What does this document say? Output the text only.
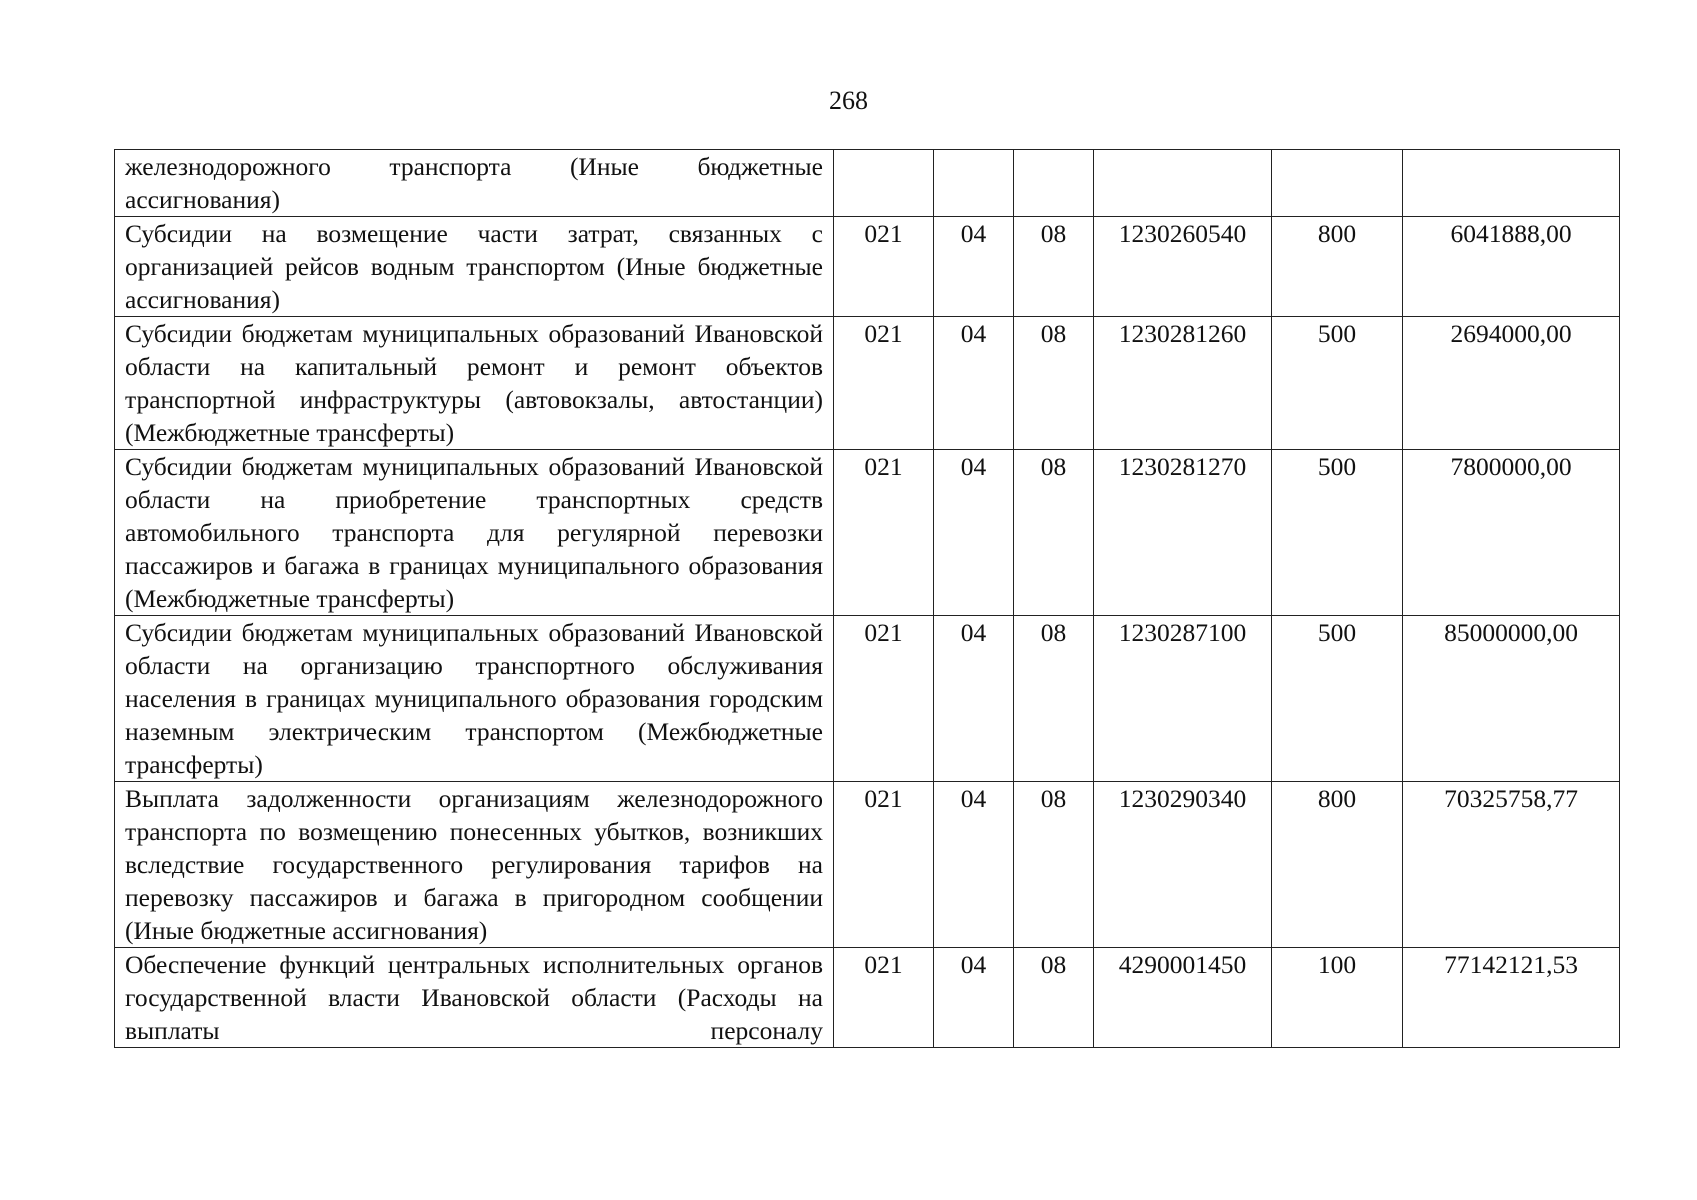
268
железнодорожного транспорта (Иные бюджетные ассигнования)						
Субсидии на возмещение части затрат, связанных с организацией рейсов водным транспортом (Иные бюджетные ассигнования)	021	04	08	1230260540	800	6041888,00
Субсидии бюджетам муниципальных образований Ивановской области на капитальный ремонт и ремонт объектов транспортной инфраструктуры (автовокзалы, автостанции) (Межбюджетные трансферты)	021	04	08	1230281260	500	2694000,00
Субсидии бюджетам муниципальных образований Ивановской области на приобретение транспортных средств автомобильного транспорта для регулярной перевозки пассажиров и багажа в границах муниципального образования (Межбюджетные трансферты)	021	04	08	1230281270	500	7800000,00
Субсидии бюджетам муниципальных образований Ивановской области на организацию транспортного обслуживания населения в границах муниципального образования городским наземным электрическим транспортом (Межбюджетные трансферты)	021	04	08	1230287100	500	85000000,00
Выплата задолженности организациям железнодорожного транспорта по возмещению понесенных убытков, возникших вследствие государственного регулирования тарифов на перевозку пассажиров и багажа в пригородном сообщении (Иные бюджетные ассигнования)	021	04	08	1230290340	800	70325758,77
Обеспечение функций центральных исполнительных органов государственной власти Ивановской области (Расходы на выплаты персоналу	021	04	08	4290001450	100	77142121,53
